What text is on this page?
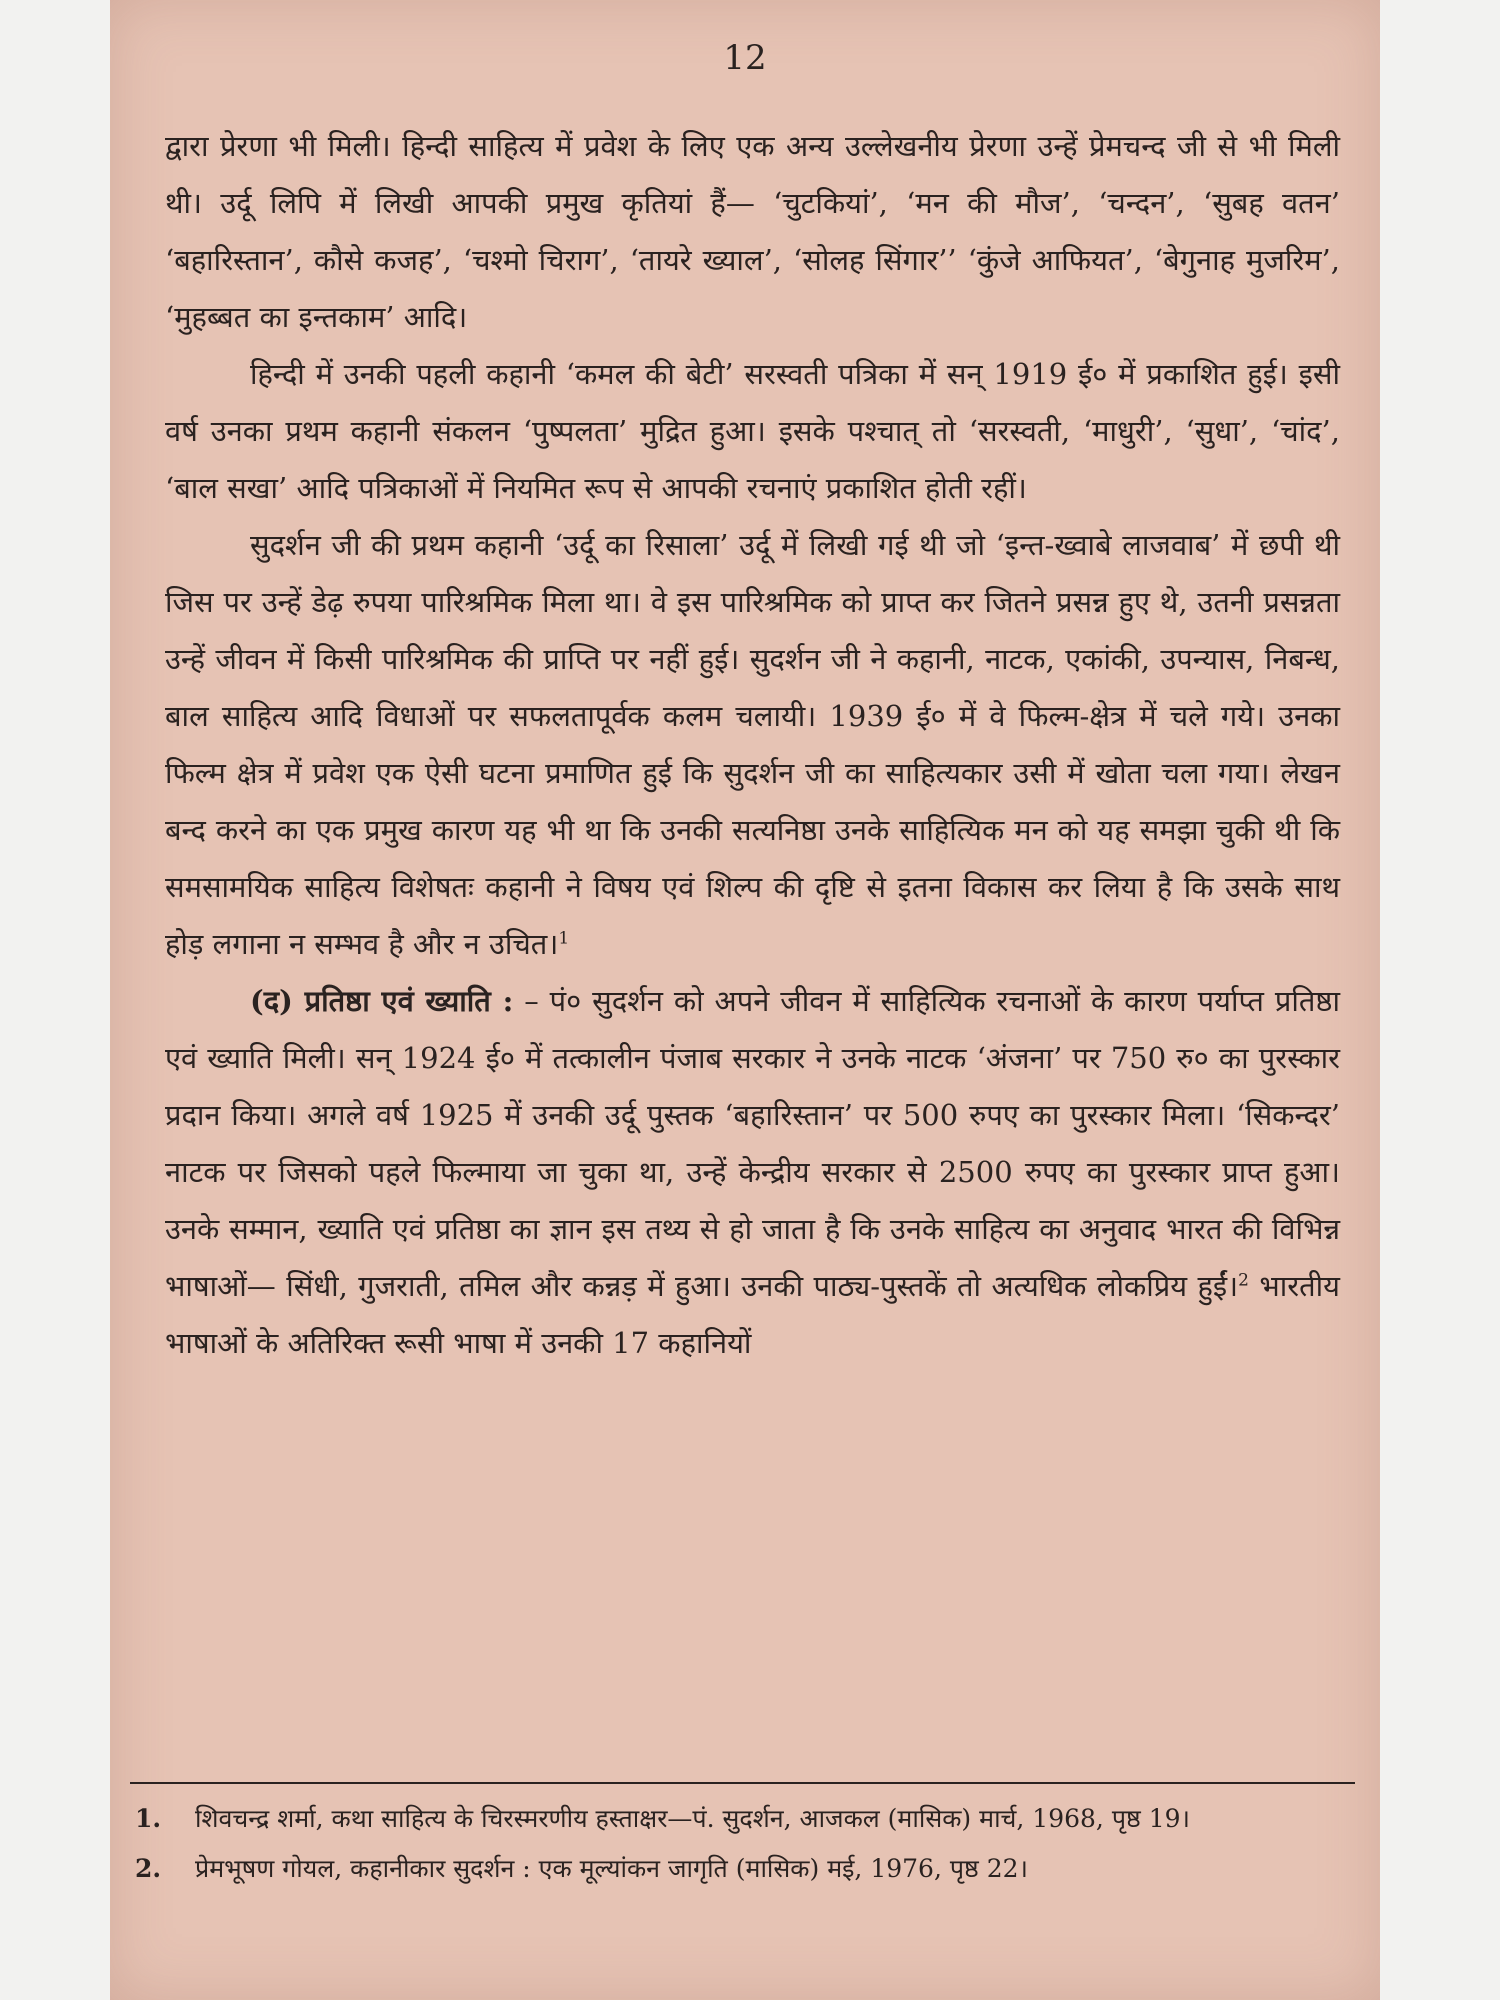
12

द्वारा प्रेरणा भी मिली। हिन्दी साहित्य में प्रवेश के लिए एक अन्य उल्लेखनीय प्रेरणा उन्हें प्रेमचन्द जी से भी मिली थी। उर्दू लिपि में लिखी आपकी प्रमुख कृतियां हैं— ‘चुटकियां’, ‘मन की मौज’, ‘चन्दन’, ‘सुबह वतन’ ‘बहारिस्तान’, कौसे कजह’, ‘चश्मो चिराग’, ‘तायरे ख्याल’, ‘सोलह सिंगार’’ ‘कुंजे आफियत’, ‘बेगुनाह मुजरिम’, ‘मुहब्बत का इन्तकाम’ आदि।

हिन्दी में उनकी पहली कहानी ‘कमल की बेटी’ सरस्वती पत्रिका में सन् 1919 ई० में प्रकाशित हुई। इसी वर्ष उनका प्रथम कहानी संकलन ‘पुष्पलता’ मुद्रित हुआ। इसके पश्चात् तो ‘सरस्वती, ‘माधुरी’, ‘सुधा’, ‘चांद’, ‘बाल सखा’ आदि पत्रिकाओं में नियमित रूप से आपकी रचनाएं प्रकाशित होती रहीं।

सुदर्शन जी की प्रथम कहानी ‘उर्दू का रिसाला’ उर्दू में लिखी गई थी जो ‘इन्त-ख्वाबे लाजवाब’ में छपी थी जिस पर उन्हें डेढ़ रुपया पारिश्रमिक मिला था। वे इस पारिश्रमिक को प्राप्त कर जितने प्रसन्न हुए थे, उतनी प्रसन्नता उन्हें जीवन में किसी पारिश्रमिक की प्राप्ति पर नहीं हुई। सुदर्शन जी ने कहानी, नाटक, एकांकी, उपन्यास, निबन्ध, बाल साहित्य आदि विधाओं पर सफलतापूर्वक कलम चलायी। 1939 ई० में वे फिल्म-क्षेत्र में चले गये। उनका फिल्म क्षेत्र में प्रवेश एक ऐसी घटना प्रमाणित हुई कि सुदर्शन जी का साहित्यकार उसी में खोता चला गया। लेखन बन्द करने का एक प्रमुख कारण यह भी था कि उनकी सत्यनिष्ठा उनके साहित्यिक मन को यह समझा चुकी थी कि समसामयिक साहित्य विशेषतः कहानी ने विषय एवं शिल्प की दृष्टि से इतना विकास कर लिया है कि उसके साथ होड़ लगाना न सम्भव है और न उचित।$^1$

(द) प्रतिष्ठा एवं ख्याति : – पं० सुदर्शन को अपने जीवन में साहित्यिक रचनाओं के कारण पर्याप्त प्रतिष्ठा एवं ख्याति मिली। सन् 1924 ई० में तत्कालीन पंजाब सरकार ने उनके नाटक ‘अंजना’ पर 750 रु० का पुरस्कार प्रदान किया। अगले वर्ष 1925 में उनकी उर्दू पुस्तक ‘बहारिस्तान’ पर 500 रुपए का पुरस्कार मिला। ‘सिकन्दर’ नाटक पर जिसको पहले फिल्माया जा चुका था, उन्हें केन्द्रीय सरकार से 2500 रुपए का पुरस्कार प्राप्त हुआ। उनके सम्मान, ख्याति एवं प्रतिष्ठा का ज्ञान इस तथ्य से हो जाता है कि उनके साहित्य का अनुवाद भारत की विभिन्न भाषाओं— सिंधी, गुजराती, तमिल और कन्नड़ में हुआ। उनकी पाठ्य-पुस्तकें तो अत्यधिक लोकप्रिय हुईं।$^2$ भारतीय भाषाओं के अतिरिक्त रूसी भाषा में उनकी 17 कहानियों

1.	शिवचन्द्र शर्मा, कथा साहित्य के चिरस्मरणीय हस्ताक्षर—पं. सुदर्शन, आजकल (मासिक) मार्च, 1968, पृष्ठ 19।
2.	प्रेमभूषण गोयल, कहानीकार सुदर्शन : एक मूल्यांकन जागृति (मासिक) मई, 1976, पृष्ठ 22।
